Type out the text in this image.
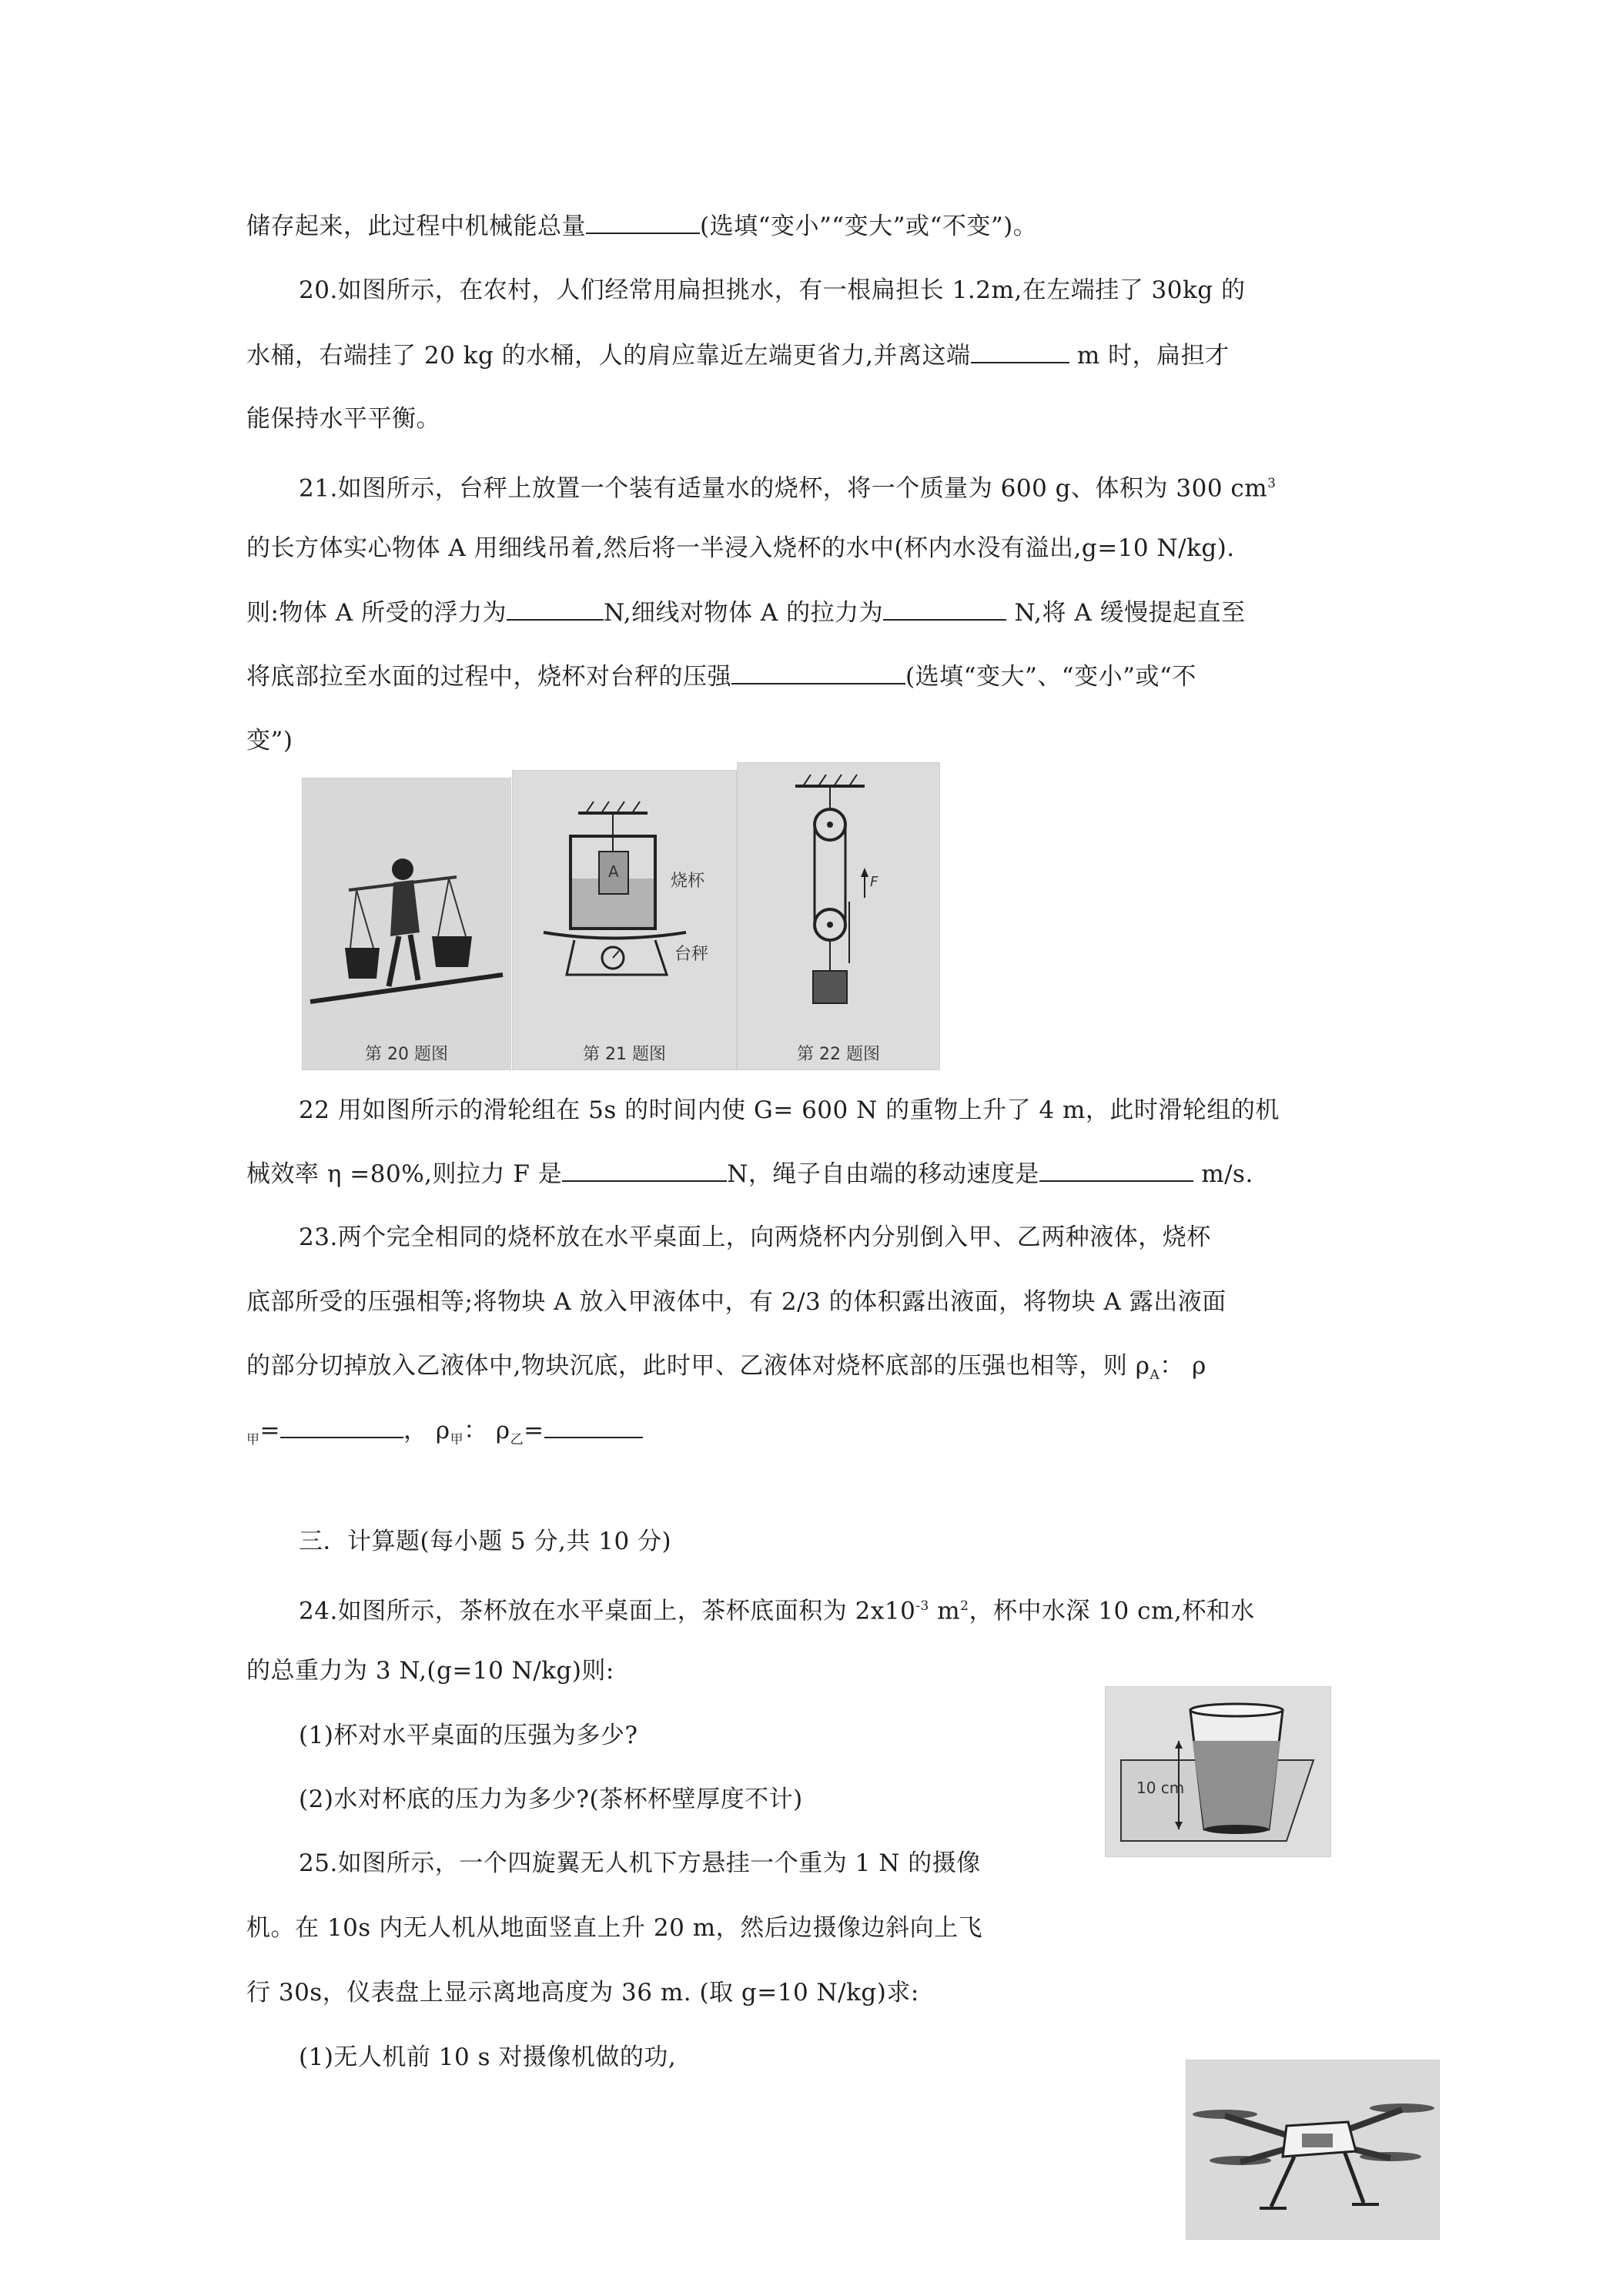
储存起来，此过程中机械能总量	(选填“变小”“变大”或“不变”)。
20.如图所示，在农村，人们经常用扁担挑水，有一根扁担长 1.2m,在左端挂了 30kg 的
水桶，右端挂了 20 kg 的水桶，人的肩应靠近左端更省力,并离这端	m 时，扁担才
能保持水平平衡。
21.如图所示，台秤上放置一个装有适量水的烧杯，将一个质量为 600 g、体积为 300 $cm^3$
的长方体实心物体 A 用细线吊着,然后将一半浸入烧杯的水中(杯内水没有溢出,g=10 N/kg).
则:物体 A 所受的浮力为	N,细线对物体 A 的拉力为	N,将 A 缓慢提起直至
将底部拉至水面的过程中，烧杯对台秤的压强	(选填“变大”、“变小”或“不
变”)
第 20 题图
A	烧杯
台秤
第 21 题图
F
第 22 题图
22 用如图所示的滑轮组在 5s 的时间内使 G= 600 N 的重物上升了 4 m，此时滑轮组的机
械效率 η =80%,则拉力 F 是	N，绳子自由端的移动速度是	m/s.
23.两个完全相同的烧杯放在水平桌面上，向两烧杯内分别倒入甲、乙两种液体，烧杯
底部所受的压强相等;将物块 A 放入甲液体中，有 2/3 的体积露出液面，将物块 A 露出液面
的部分切掉放入乙液体中,物块沉底，此时甲、乙液体对烧杯底部的压强也相等，则 $\rho_A$： ρ
$_甲$=	， $\rho_甲$： $\rho_乙=$
三．计算题(每小题 5 分,共 10 分)
24.如图所示，茶杯放在水平桌面上，茶杯底面积为 $2x10^{-3}$ $m^2$，杯中水深 10 cm,杯和水
的总重力为 3 N,(g=10 N/kg)则:
(1)杯对水平桌面的压强为多少?
(2)水对杯底的压力为多少?(茶杯杯壁厚度不计)	10 cm
25.如图所示，一个四旋翼无人机下方悬挂一个重为 1 N 的摄像
机。在 10s 内无人机从地面竖直上升 20 m，然后边摄像边斜向上飞
行 30s，仪表盘上显示离地高度为 36 m. (取 g=10 N/kg)求:
(1)无人机前 10 s 对摄像机做的功,
